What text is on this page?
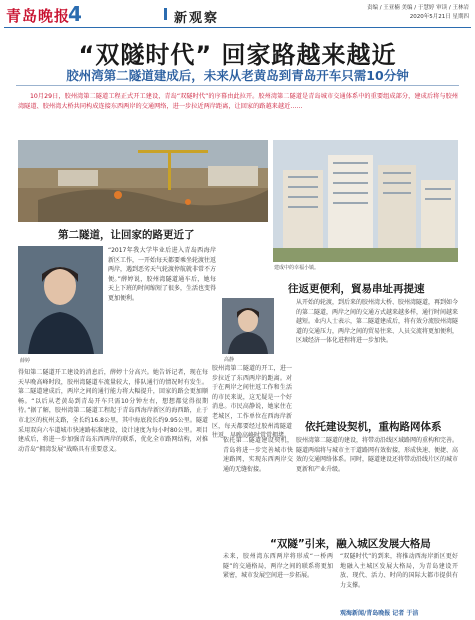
青岛晚报
4	新观察
责编 / 王亚楠 美编 / 于慧婷 审读 / 王林岩
2020年5月21日 星期四
“双隧时代” 回家路越来越近
胶州湾第二隧道建成后，未来从老黄岛到青岛开车只需10分钟
10月29日，胶州湾第二隧道工程正式开工建设，青岛“双隧时代”的序幕由此拉开。胶州湾第二隧道是青岛城市交通体系中的重要组成部分，建成后将与胶州湾隧道、胶州湾大桥共同构成连接东西两岸的交通网络，进一步拉近两岸距离，让回家的路越来越近……
建成中的幸福小镇。
第二隧道，让回家的路更近了
薛婷
“2017年我大学毕业后进入青岛西海岸新区工作，一开始每天都要乘坐轮渡往返两岸，遇到恶劣天气轮渡停航就非常不方便。”薛婷说，胶州湾隧道通车后，她每天上下班的时间缩短了很多，生活也变得更加便利。
高静
往返更便利，貿易串址再提速
依托建设契机，重构路网体系
“双隧”引来，融入城区发展大格局
得知第二隧道开工建设的消息后，薛婷十分高兴。她告诉记者，现在每天早晚高峰时段，胶州湾隧道车流量较大，排队通行的情况时有发生。第二隧道建成后，两岸之间的通行能力将大幅提升，回家的路会更加顺畅。“以后从老黄岛到青岛开车只需10分钟左右，想想都觉得很期待。”据了解，胶州湾第二隧道工程起于青岛西海岸新区的海西路，止于市北区的杭州支路，全长约16.8公里，其中海底段长约9.95公里。隧道采用双向六车道城市快速路标准建设，设计速度为每小时80公里。项目建成后，将进一步加强青岛东西两岸的联系，优化全市路网结构，对推动青岛“拥湾发展”战略具有重要意义。
胶州湾第二隧道的开工，进一步拉近了东西两岸的距离。对于在两岸之间往返工作和生活的市民来说，这无疑是一个好消息。市民高静说，她家住在老城区，工作单位在西海岸新区，每天都要经过胶州湾隧道往返，早晚高峰时常常拥堵。
从开始的轮渡，到后来的胶州湾大桥、胶州湾隧道，再到如今的第二隧道，两岸之间的交通方式越来越多样，通行时间越来越短。业内人士表示，第二隧道建成后，将有效分流胶州湾隧道的交通压力，两岸之间的贸易往来、人员交流将更加便利，区域经济一体化进程将进一步加快。
胶州湾第二隧道的建设，将带动沿线区域路网的重构和完善。隧道两端将与城市主干道路网有效衔接，形成快速、便捷、高效的交通网络体系。同时，隧道建设还将带动沿线片区的城市更新和产业升级。
依托第二隧道建设契机，青岛将进一步完善城市快速路网，实现东西两岸交通的无缝衔接。
未来，胶州湾东西两岸将形成“一桥两隧”的交通格局，两岸之间的联系将更加紧密，城市发展空间进一步拓展。
“双隧时代”的到来，将推动西海岸新区更好地融入主城区发展大格局，为青岛建设开放、现代、活力、时尚的国际大都市提供有力支撑。
观海新闻/青岛晚报 记者 于洁
